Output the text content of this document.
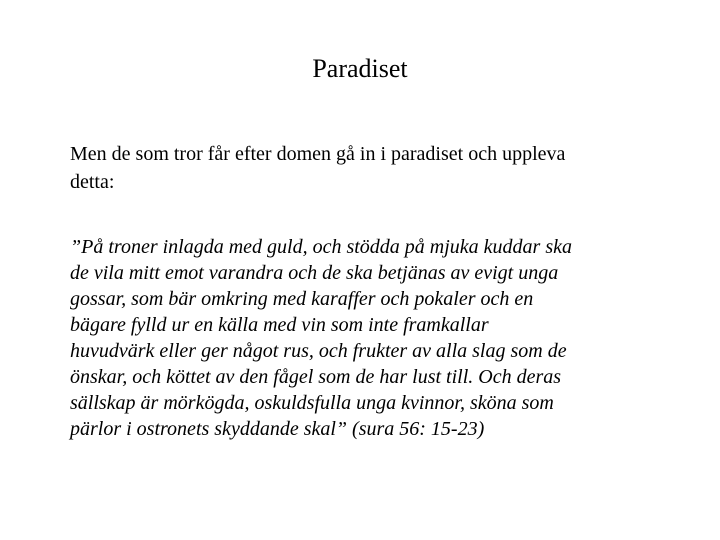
Paradiset

Men de som tror får efter domen gå in i paradiset och uppleva
detta:

”På troner inlagda med guld, och stödda på mjuka kuddar ska
de vila mitt emot varandra och de ska betjänas av evigt unga
gossar, som bär omkring med karaffer och pokaler och en
bägare fylld ur en källa med vin som inte framkallar
huvudvärk eller ger något rus, och frukter av alla slag som de
önskar, och köttet av den fågel som de har lust till. Och deras
sällskap är mörkögda, oskuldsfulla unga kvinnor, sköna som
pärlor i ostronets skyddande skal” (sura 56: 15-23)
